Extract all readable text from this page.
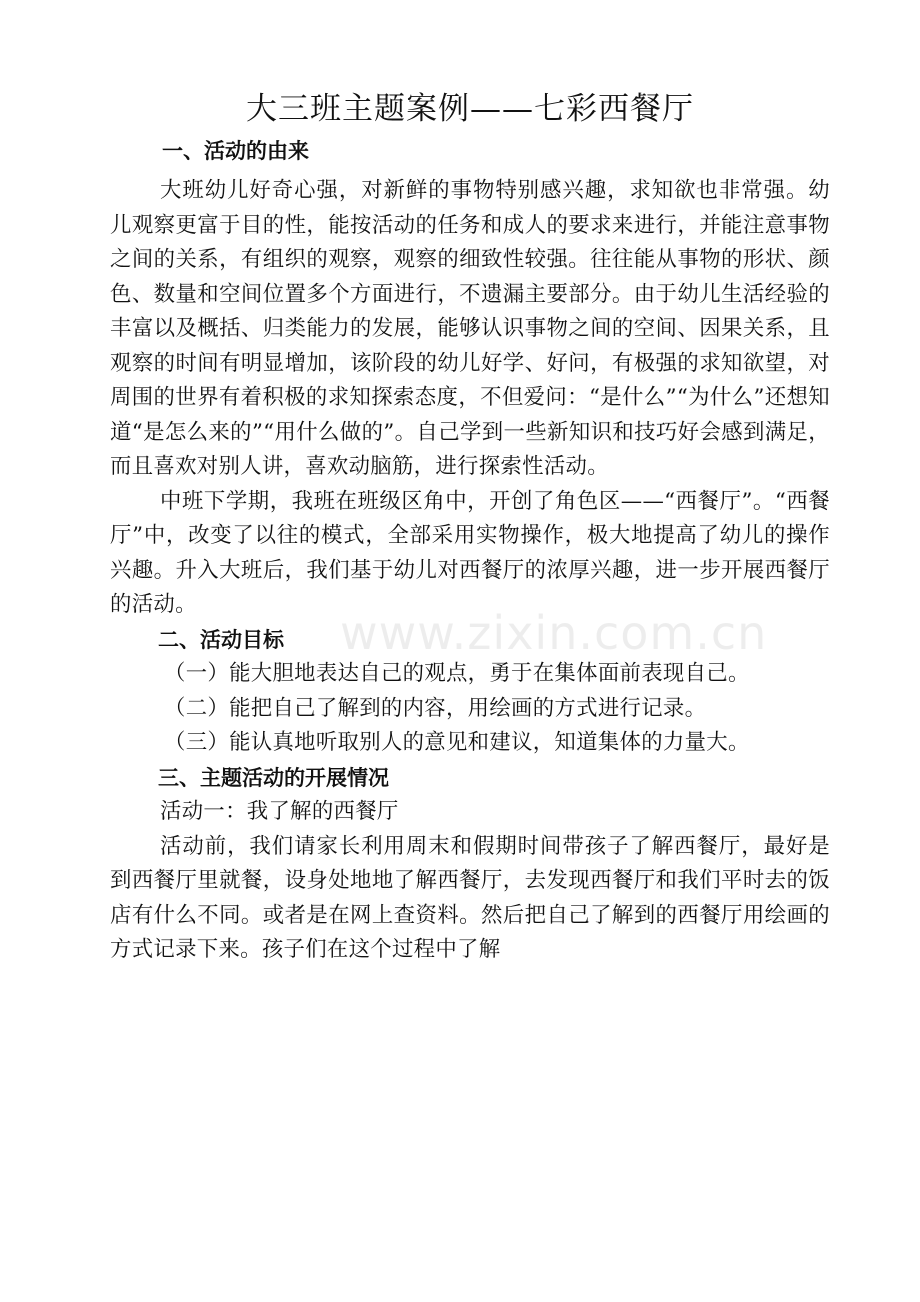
www.zixin.com.cn
大三班主题案例——七彩西餐厅
一、活动的由来

大班幼儿好奇心强，对新鲜的事物特别感兴趣，求知欲也非常强。幼儿观察更富于目的性，能按活动的任务和成人的要求来进行，并能注意事物之间的关系，有组织的观察，观察的细致性较强。往往能从事物的形状、颜色、数量和空间位置多个方面进行，不遗漏主要部分。由于幼儿生活经验的丰富以及概括、归类能力的发展，能够认识事物之间的空间、因果关系，且观察的时间有明显增加，该阶段的幼儿好学、好问，有极强的求知欲望，对周围的世界有着积极的求知探索态度，不但爱问：“是什么”“为什么”还想知道“是怎么来的”“用什么做的”。自己学到一些新知识和技巧好会感到满足，而且喜欢对别人讲，喜欢动脑筋，进行探索性活动。

中班下学期，我班在班级区角中，开创了角色区——“西餐厅”。“西餐厅”中，改变了以往的模式，全部采用实物操作，极大地提高了幼儿的操作兴趣。升入大班后，我们基于幼儿对西餐厅的浓厚兴趣，进一步开展西餐厅的活动。

二、活动目标

（一）能大胆地表达自己的观点，勇于在集体面前表现自己。

（二）能把自己了解到的内容，用绘画的方式进行记录。

（三）能认真地听取别人的意见和建议，知道集体的力量大。

三、主题活动的开展情况

活动一：我了解的西餐厅

活动前，我们请家长利用周末和假期时间带孩子了解西餐厅，最好是到西餐厅里就餐，设身处地地了解西餐厅，去发现西餐厅和我们平时去的饭店有什么不同。或者是在网上查资料。然后把自己了解到的西餐厅用绘画的方式记录下来。孩子们在这个过程中了解
